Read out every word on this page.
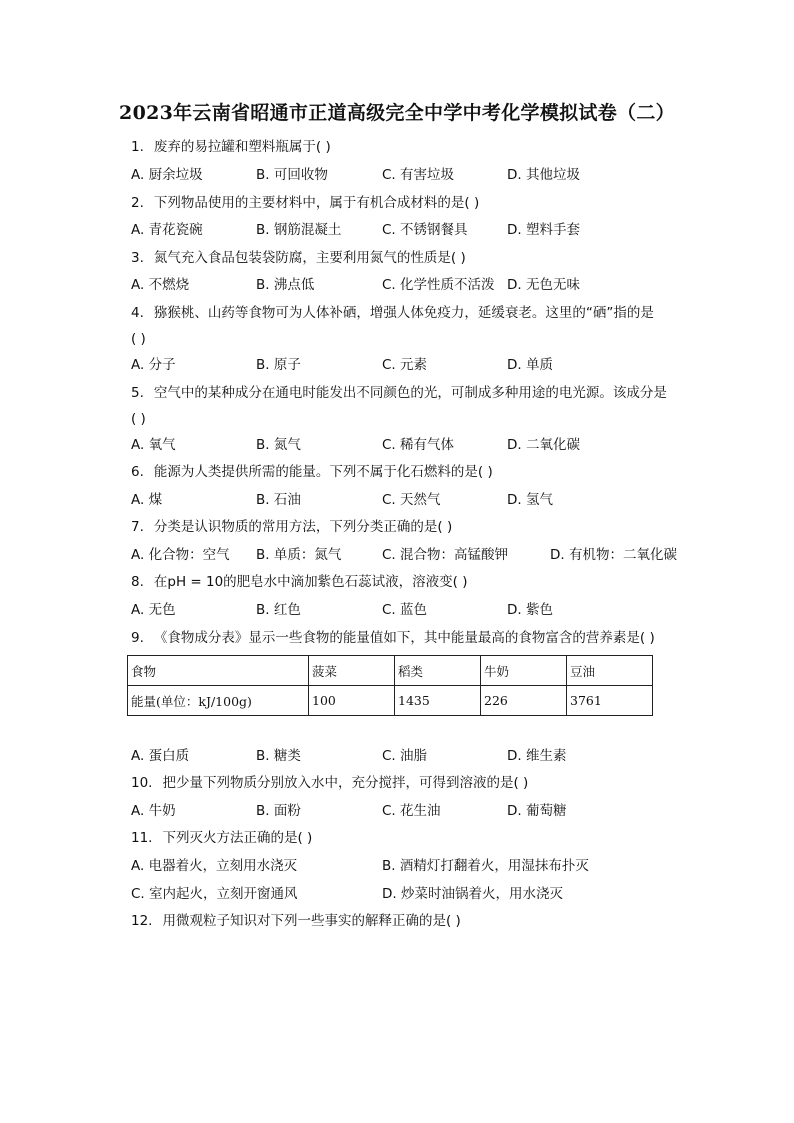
2023年云南省昭通市正道高级完全中学中考化学模拟试卷（二）
1. 废弃的易拉罐和塑料瓶属于( )
A. 厨余垃圾	B. 可回收物	C. 有害垃圾	D. 其他垃圾
2. 下列物品使用的主要材料中，属于有机合成材料的是( )
A. 青花瓷碗	B. 钢筋混凝土	C. 不锈钢餐具	D. 塑料手套
3. 氮气充入食品包装袋防腐，主要利用氮气的性质是( )
A. 不燃烧	B. 沸点低	C. 化学性质不活泼 D. 无色无味
4. 猕猴桃、山药等食物可为人体补硒，增强人体免疫力，延缓衰老。这里的“硒”指的是
( )
A. 分子	B. 原子	C. 元素	D. 单质
5. 空气中的某种成分在通电时能发出不同颜色的光，可制成多种用途的电光源。该成分是
( )
A. 氧气	B. 氮气	C. 稀有气体	D. 二氧化碳
6. 能源为人类提供所需的能量。下列不属于化石燃料的是( )
A. 煤	B. 石油	C. 天然气	D. 氢气
7. 分类是认识物质的常用方法，下列分类正确的是( )
A. 化合物：空气 B. 单质：氮气	C. 混合物：高锰酸钾	D. 有机物：二氧化碳
8. 在pH = 10的肥皂水中滴加紫色石蕊试液，溶液变( )
A. 无色	B. 红色	C. 蓝色	D. 紫色
9. 《食物成分表》显示一些食物的能量值如下，其中能量最高的食物富含的营养素是( )
食物	菠菜	稻类	牛奶	豆油
能量(单位：kJ/100g)	100	1435	226	3761
A. 蛋白质	B. 糖类	C. 油脂	D. 维生素
10. 把少量下列物质分别放入水中，充分搅拌，可得到溶液的是( )
A. 牛奶	B. 面粉	C. 花生油	D. 葡萄糖
11. 下列灭火方法正确的是( )
A. 电器着火，立刻用水浇灭	B. 酒精灯打翻着火，用湿抹布扑灭
C. 室内起火，立刻开窗通风	D. 炒菜时油锅着火，用水浇灭
12. 用微观粒子知识对下列一些事实的解释正确的是( )
